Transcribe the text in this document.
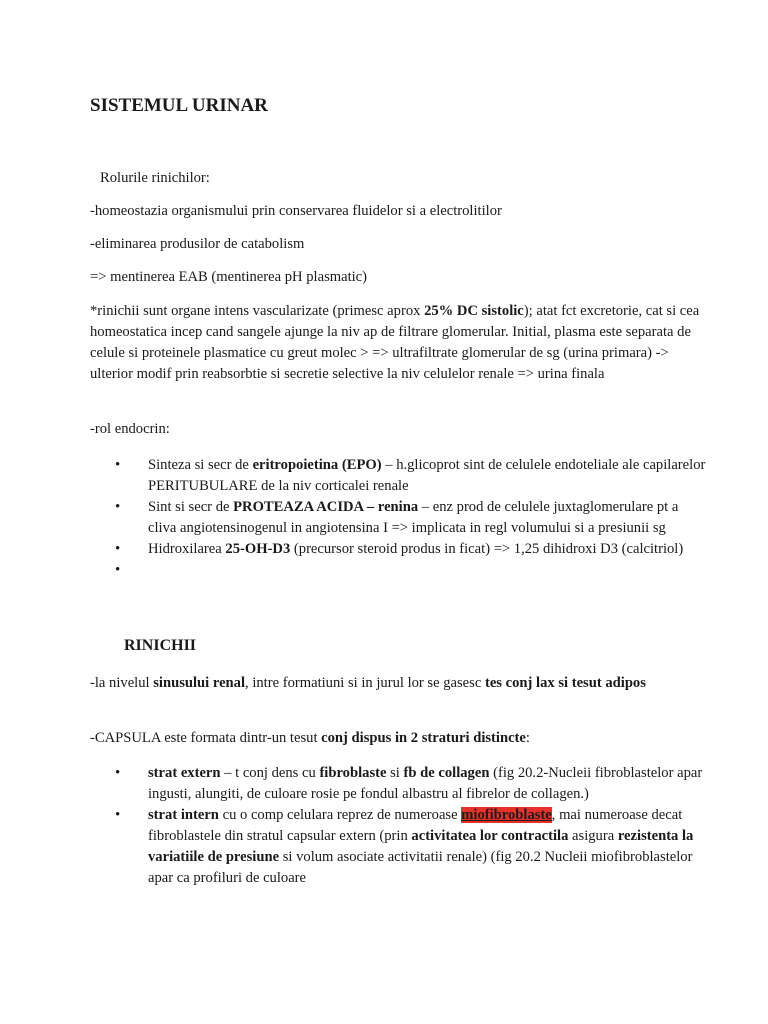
SISTEMUL URINAR

Rolurile rinichilor:

-homeostazia organismului prin conservarea fluidelor si a electrolitilor

-eliminarea produsilor de catabolism

=> mentinerea EAB (mentinerea pH plasmatic)

*rinichii sunt organe intens vascularizate (primesc aprox 25% DC sistolic); atat fct excretorie, cat si cea homeostatica incep cand sangele ajunge la niv ap de filtrare glomerular. Initial, plasma este separata de celule si proteinele plasmatice cu greut molec > => ultrafiltrate glomerular de sg (urina primara) -> ulterior modif prin reabsorbtie si secretie selective la niv celulelor renale => urina finala

-rol endocrin:

• Sinteza si secr de eritropoietina (EPO) – h.glicoprot sint de celulele endoteliale ale capilarelor PERITUBULARE de la niv corticalei renale
• Sint si secr de PROTEAZA ACIDA – renina – enz prod de celulele juxtaglomerulare pt a cliva angiotensinogenul in angiotensina I => implicata in regl volumului si a presiunii sg
• Hidroxilarea 25-OH-D3 (precursor steroid produs in ficat) => 1,25 dihidroxi D3 (calcitriol)
•
RINICHII

-la nivelul sinusului renal, intre formatiuni si in jurul lor se gasesc tes conj lax si tesut adipos

-CAPSULA este formata dintr-un tesut conj dispus in 2 straturi distincte:

• strat extern – t conj dens cu fibroblaste si fb de collagen (fig 20.2-Nucleii fibroblastelor apar ingusti, alungiti, de culoare rosie pe fondul albastru al fibrelor de collagen.)
• strat intern cu o comp celulara reprez de numeroase miofibroblaste, mai numeroase decat fibroblastele din stratul capsular extern (prin activitatea lor contractila asigura rezistenta la variatiile de presiune si volum asociate activitatii renale) (fig 20.2 Nucleii miofibroblastelor apar ca profiluri de culoare
